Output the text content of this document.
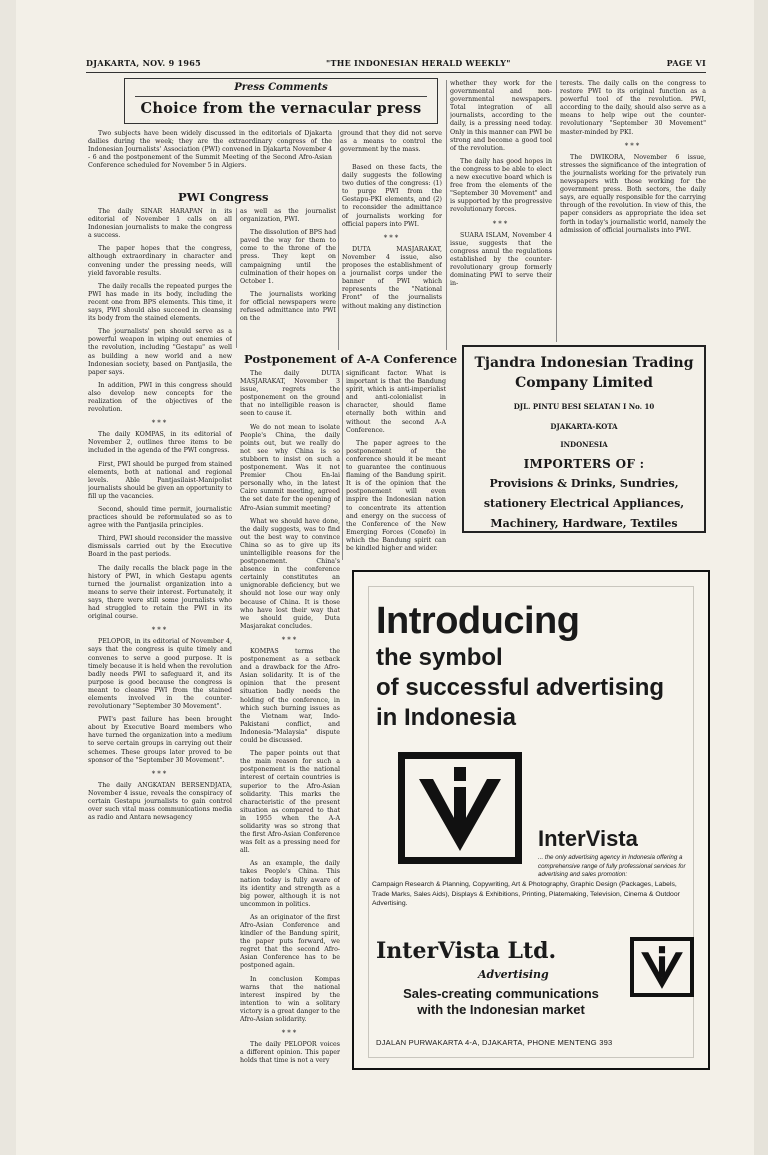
DJAKARTA, NOV. 9 1965	"THE INDONESIAN HERALD WEEKLY"	PAGE VI
Press Comments
Choice from the vernacular press

Two subjects have been widely discussed in the editorials of Djakarta dailies during the week; they are the extraordinary congress of the Indonesian Journalists' Association (PWI) convened in Djakarta November 4 - 6 and the postponement of the Summit Meeting of the Second Afro-Asian Conference scheduled for November 5 in Algiers.

ground that they did not serve as a means to control the government by the mass.

PWI Congress

The daily SINAR HARAPAN in its editorial of November 1 calls on all Indonesian journalists to make the congress a success.

The paper hopes that the congress, although extraordinary in character and convening under the pressing needs, will yield favorable results.

The daily recalls the repeated purges the PWI has made in its body, including the recent one from BPS elements. This time, it says, PWI should also succeed in cleansing its body from the stained elements.

The journalists' pen should serve as a powerful weapon in wiping out enemies of the revolution, including "Gestapu" as well as building a new world and a new Indonesian society, based on Pantjasila, the paper says.

In addition, PWI in this congress should also develop new concepts for the realization of the objectives of the revolution.

***

The daily KOMPAS, in its editorial of November 2, outlines three items to be included in the agenda of the PWI congress.

First, PWI should be purged from stained elements, both at national and regional levels. Able Pantjasilaist-Manipolist journalists should be given an opportunity to fill up the vacancies.

Second, should time permit, journalistic practices should be reformulated so as to agree with the Pantjasila principles.

Third, PWI should reconsider the massive dismissals carried out by the Executive Board in the past periods.

The daily recalls the black page in the history of PWI, in which Gestapu agents turned the journalist organization into a means to serve their interest. Fortunately, it says, there were still some journalists who had struggled to retain the PWI in its original course.

***

PELOPOR, in its editorial of November 4, says that the congress is quite timely and convenes to serve a good purpose. It is timely because it is held when the revolution badly needs PWI to safeguard it, and its purpose is good because the congress is meant to cleanse PWI from the stained elements involved in the counter-revolutionary "September 30 Movement".

PWI's past failure has been brought about by Executive Board members who have turned the organization into a medium to serve certain groups in carrying out their schemes. These groups later proved to be sponsor of the "September 30 Movement".

***

The daily ANGKATAN BERSENDJATA, November 4 issue, reveals the conspiracy of certain Gestapu journalists to gain control over such vital mass communications media as radio and Antara newsagency

as well as the journalist organization, PWI.

The dissolution of BPS had paved the way for them to come to the throne of the press. They kept on campaigning until the culmination of their hopes on October 1.

The journalists working for official newspapers were refused admittance into PWI on the

Based on these facts, the daily suggests the following two duties of the congress: (1) to purge PWI from the Gestapu-PKI elements, and (2) to reconsider the admittance of journalists working for official papers into PWI.

***

DUTA MASJARAKAT, November 4 issue, also proposes the establishment of a journalist corps under the banner of PWI which represents the "National Front" of the journalists without making any distinction

whether they work for the governmental and non-governmental newspapers. Total integration of all journalists, according to the daily, is a pressing need today. Only in this manner can PWI be strong and become a good tool of the revolution.

The daily has good hopes in the congress to be able to elect a new executive board which is free from the elements of the "September 30 Movement" and is supported by the progressive revolutionary forces.

***

SUARA ISLAM, November 4 issue, suggests that the congress annul the regulations established by the counter-revolutionary group formerly dominating PWI to serve their in-

terests. The daily calls on the congress to restore PWI to its original function as a powerful tool of the revolution. PWI, according to the daily, should also serve as a means to help wipe out the counter-revolutionary "September 30 Movement" master-minded by PKI.

***

The DWIKORA, November 6 issue, stresses the significance of the integration of the journalists working for the privately run newspapers with those working for the government press. Both sectors, the daily says, are equally responsible for the carrying through of the revolution. In view of this, the paper considers as appropriate the idea set forth in today's journalistic world, namely the admission of official journalists into PWI.

Postponement of A-A Conference

The daily DUTA MASJARAKAT, November 3 issue, regrets the postponement on the ground that no intelligible reason is seen to cause it.

We do not mean to isolate People's China, the daily points out, but we really do not see why China is so stubborn to insist on such a postponement. Was it not Premier Chou En-lai personally who, in the latest Cairo summit meeting, agreed the set date for the opening of Afro-Asian summit meeting?

What we should have done, the daily suggests, was to find out the best way to convince China so as to give up its unintelligible reasons for the postponement. China's absence in the conference certainly constitutes an unignorable deficiency, but we should not lose our way only because of China. It is those who have lost their way that we should guide, Duta Masjarakat concludes.

***

KOMPAS terms the postponement as a setback and a drawback for the Afro-Asian solidarity. It is of the opinion that the present situation badly needs the holding of the conference, in which such burning issues as the Vietnam war, Indo-Pakistani conflict, and Indonesia-"Malaysia" dispute could be discussed.

The paper points out that the main reason for such a postponement is the national interest of certain countries is superior to the Afro-Asian solidarity. This marks the characteristic of the present situation as compared to that in 1955 when the A-A solidarity was so strong that the first Afro-Asian Conference was felt as a pressing need for all.

As an example, the daily takes People's China. This nation today is fully aware of its identity and strength as a big power, although it is not uncommon in politics.

As an originator of the first Afro-Asian Conference and kindler of the Bandung spirit, the paper puts forward, we regret that the second Afro-Asian Conference has to be postponed again.

In conclusion Kompas warns that the national interest inspired by the intention to win a solitary victory is a great danger to the Afro-Asian solidarity.

***

The daily PELOPOR voices a different opinion. This paper holds that time is not a very

significant factor. What is important is that the Bandung spirit, which is anti-imperialist and anti-colonialist in character, should flame eternally both within and without the second A-A Conference.

The paper agrees to the postponement of the conference should it be meant to guarantee the continuous flaming of the Bandung spirit. It is of the opinion that the postponement will even inspire the Indonesian nation to concentrate its attention and energy on the success of the Conference of the New Emerging Forces (Conefo) in which the Bandung spirit can be kindled higher and wider.

Tjandra Indonesian Trading
Company Limited
DJL. PINTU BESI SELATAN I No. 10
DJAKARTA-KOTA
INDONESIA
IMPORTERS OF :
Provisions & Drinks, Sundries,
stationery Electrical Appliances,
Machinery, Hardware, Textiles
Introducing
the symbol
of successful advertising
in Indonesia
InterVista
... the only advertising agency in Indonesia offering a comprehensive range of fully professional services for advertising and sales promotion:
Campaign Research & Planning, Copywriting, Art & Photography, Graphic Design (Packages, Labels, Trade Marks, Sales Aids), Displays & Exhibitions, Printing, Platemaking, Television, Cinema & Outdoor Advertising.
InterVista Ltd.
Advertising
Sales-creating communications
with the Indonesian market
DJALAN PURWAKARTA 4-A, DJAKARTA, PHONE MENTENG 393
